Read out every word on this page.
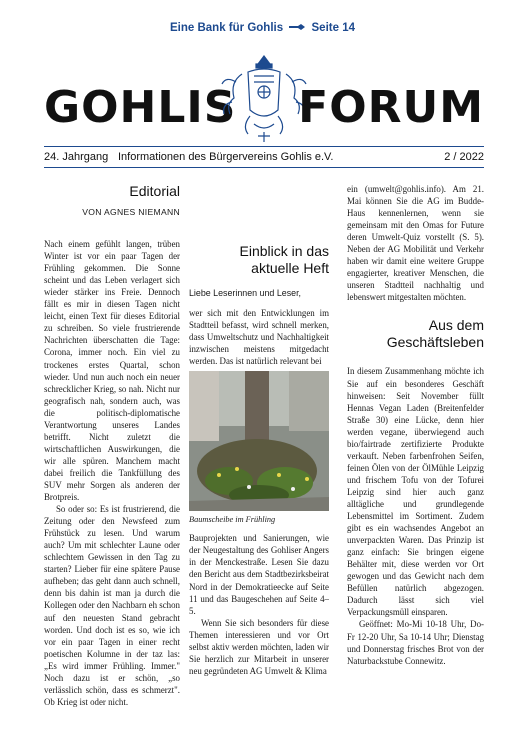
Eine Bank für Gohlis Seite 14
GOHLIS FORUM
24. Jahrgang Informationen des Bürgervereins Gohlis e.V.	2 / 2022
Editorial
VON AGNES NIEMANN

Nach einem gefühlt langen, trüben Winter ist vor ein paar Tagen der Frühling gekommen. Die Sonne scheint und das Leben verlagert sich wieder stärker ins Freie. Dennoch fällt es mir in diesen Tagen nicht leicht, einen Text für dieses Editorial zu schreiben. So viele frustrierende Nachrichten überschatten die Tage: Corona, immer noch. Ein viel zu trockenes erstes Quartal, schon wieder. Und nun auch noch ein neuer schrecklicher Krieg, so nah. Nicht nur geografisch nah, sondern auch, was die politisch-diplomatische Verantwortung unseres Landes betrifft. Nicht zuletzt die wirtschaftlichen Auswirkungen, die wir alle spüren. Manchem macht dabei freilich die Tankfüllung des SUV mehr Sorgen als anderen der Brotpreis.

So oder so: Es ist frustrierend, die Zeitung oder den Newsfeed zum Frühstück zu lesen. Und warum auch? Um mit schlechter Laune oder schlechtem Gewissen in den Tag zu starten? Lieber für eine spätere Pause aufheben; das geht dann auch schnell, denn bis dahin ist man ja durch die Kollegen oder den Nachbarn eh schon auf den neuesten Stand gebracht worden. Und doch ist es so, wie ich vor ein paar Tagen in einer recht poetischen Kolumne in der taz las: „Es wird immer Frühling. Immer." Noch dazu ist er schön, „so verlässlich schön, dass es schmerzt". Ob Krieg ist oder nicht.

Einblick in das aktuelle Heft
Liebe Leserinnen und Leser,

wer sich mit den Entwicklungen im Stadtteil befasst, wird schnell merken, dass Umweltschutz und Nachhaltigkeit inzwischen meistens mitgedacht werden. Das ist natürlich relevant bei

Baumscheibe im Frühling

Bauprojekten und Sanierungen, wie der Neugestaltung des Gohliser Angers in der Menckestraße. Lesen Sie dazu den Bericht aus dem Stadtbezirksbeirat Nord in der Demokratieecke auf Seite 11 und das Baugeschehen auf Seite 4–5.

Wenn Sie sich besonders für diese Themen interessieren und vor Ort selbst aktiv werden möchten, laden wir Sie herzlich zur Mitarbeit in unserer neu gegründeten AG Umwelt & Klima

ein (umwelt@gohlis.info). Am 21. Mai können Sie die AG im Budde-Haus kennenlernen, wenn sie gemeinsam mit den Omas for Future deren Umwelt-Quiz vorstellt (S. 5). Neben der AG Mobilität und Verkehr haben wir damit eine weitere Gruppe engagierter, kreativer Menschen, die unseren Stadtteil nachhaltig und lebenswert mitgestalten möchten.

Aus dem Geschäftsleben

In diesem Zusammenhang möchte ich Sie auf ein besonderes Geschäft hinweisen: Seit November füllt Hennas Vegan Laden (Breitenfelder Straße 30) eine Lücke, denn hier werden vegane, überwiegend auch bio/fairtrade zertifizierte Produkte verkauft. Neben farbenfrohen Seifen, feinen Ölen von der ÖlMühle Leipzig und frischem Tofu von der Tofurei Leipzig sind hier auch ganz alltägliche und grundlegende Lebensmittel im Sortiment. Zudem gibt es ein wachsendes Angebot an unverpackten Waren. Das Prinzip ist ganz einfach: Sie bringen eigene Behälter mit, diese werden vor Ort gewogen und das Gewicht nach dem Befüllen natürlich abgezogen. Dadurch lässt sich viel Verpackungsmüll einsparen.

Geöffnet: Mo-Mi 10-18 Uhr, Do-Fr 12-20 Uhr, Sa 10-14 Uhr; Dienstag und Donnerstag frisches Brot von der Naturbackstube Connewitz.
